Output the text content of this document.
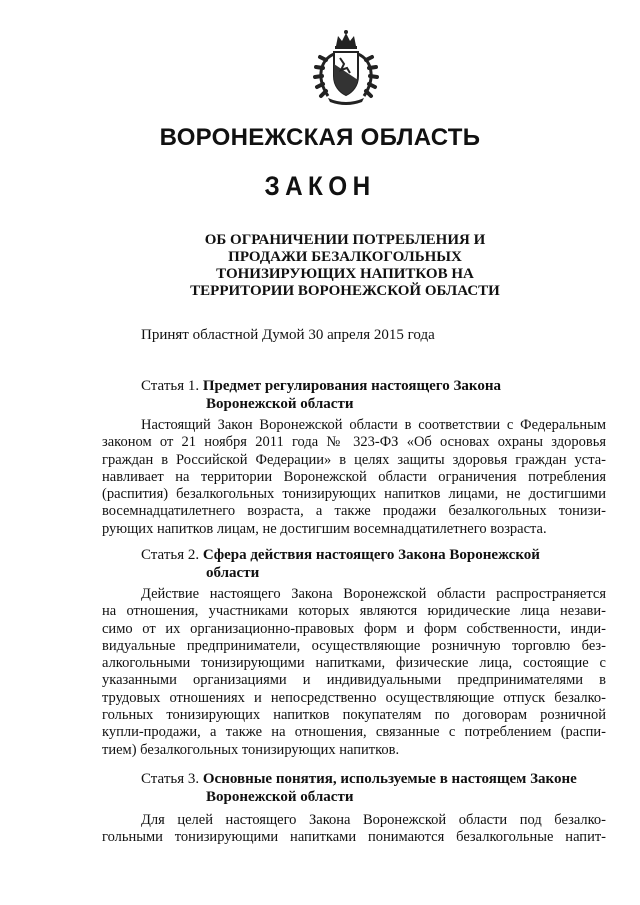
ВОРОНЕЖСКАЯ ОБЛАСТЬ
ЗАКОН
ОБ ОГРАНИЧЕНИИ ПОТРЕБЛЕНИЯ И
ПРОДАЖИ БЕЗАЛКОГОЛЬНЫХ
ТОНИЗИРУЮЩИХ НАПИТКОВ НА
ТЕРРИТОРИИ ВОРОНЕЖСКОЙ ОБЛАСТИ
Принят областной Думой 30 апреля 2015 года
Статья 1. Предмет регулирования настоящего Закона
Воронежской области
Настоящий Закон Воронежской области в соответствии с Федеральным
законом от 21 ноября 2011 года № 323-ФЗ «Об основах охраны здоровья
граждан в Российской Федерации» в целях защиты здоровья граждан уста-
навливает на территории Воронежской области ограничения потребления
(распития) безалкогольных тонизирующих напитков лицами, не достигшими
восемнадцатилетнего возраста, а также продажи безалкогольных тонизи-
рующих напитков лицам, не достигшим восемнадцатилетнего возраста.
Статья 2. Сфера действия настоящего Закона Воронежской
области
Действие настоящего Закона Воронежской области распространяется
на отношения, участниками которых являются юридические лица незави-
симо от их организационно-правовых форм и форм собственности, инди-
видуальные предприниматели, осуществляющие розничную торговлю без-
алкогольными тонизирующими напитками, физические лица, состоящие с
указанными организациями и индивидуальными предпринимателями в
трудовых отношениях и непосредственно осуществляющие отпуск безалко-
гольных тонизирующих напитков покупателям по договорам розничной
купли-продажи, а также на отношения, связанные с потреблением (распи-
тием) безалкогольных тонизирующих напитков.
Статья 3. Основные понятия, используемые в настоящем Законе
Воронежской области
Для целей настоящего Закона Воронежской области под безалко-
гольными тонизирующими напитками понимаются безалкогольные напит-
